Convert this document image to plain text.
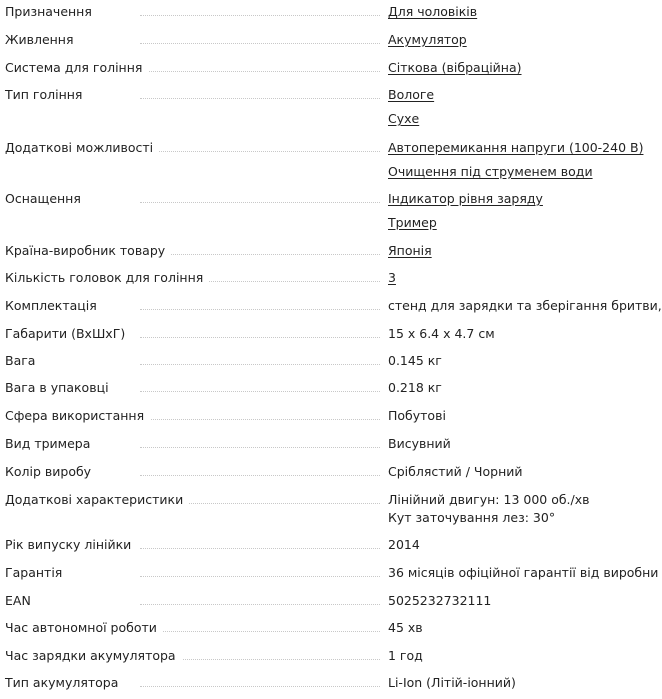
Призначення	Для чоловіків
Живлення	Акумулятор
Система для гоління	Сіткова (вібраційна)
Тип гоління	Вологе
Сухе
Додаткові можливості	Автоперемикання напруги (100-240 В)
Очищення під струменем води
Оснащення	Індикатор рівня заряду
Тример
Країна-виробник товару	Японія
Кількість головок для гоління	3
Комплектація	стенд для зарядки та зберігання бритви,
Габарити (ВхШхГ)	15 x 6.4 x 4.7 см
Вага	0.145 кг
Вага в упаковці	0.218 кг
Сфера використання	Побутові
Вид тримера	Висувний
Колір виробу	Сріблястий / Чорний
Додаткові характеристики	Лінійний двигун: 13 000 об./хв
Кут заточування лез: 30°
Рік випуску лінійки	2014
Гарантія	36 місяців офіційної гарантії від виробни
EAN	5025232732111
Час автономної роботи	45 хв
Час зарядки акумулятора	1 год
Тип акумулятора	Li-Ion (Літій-іонний)
